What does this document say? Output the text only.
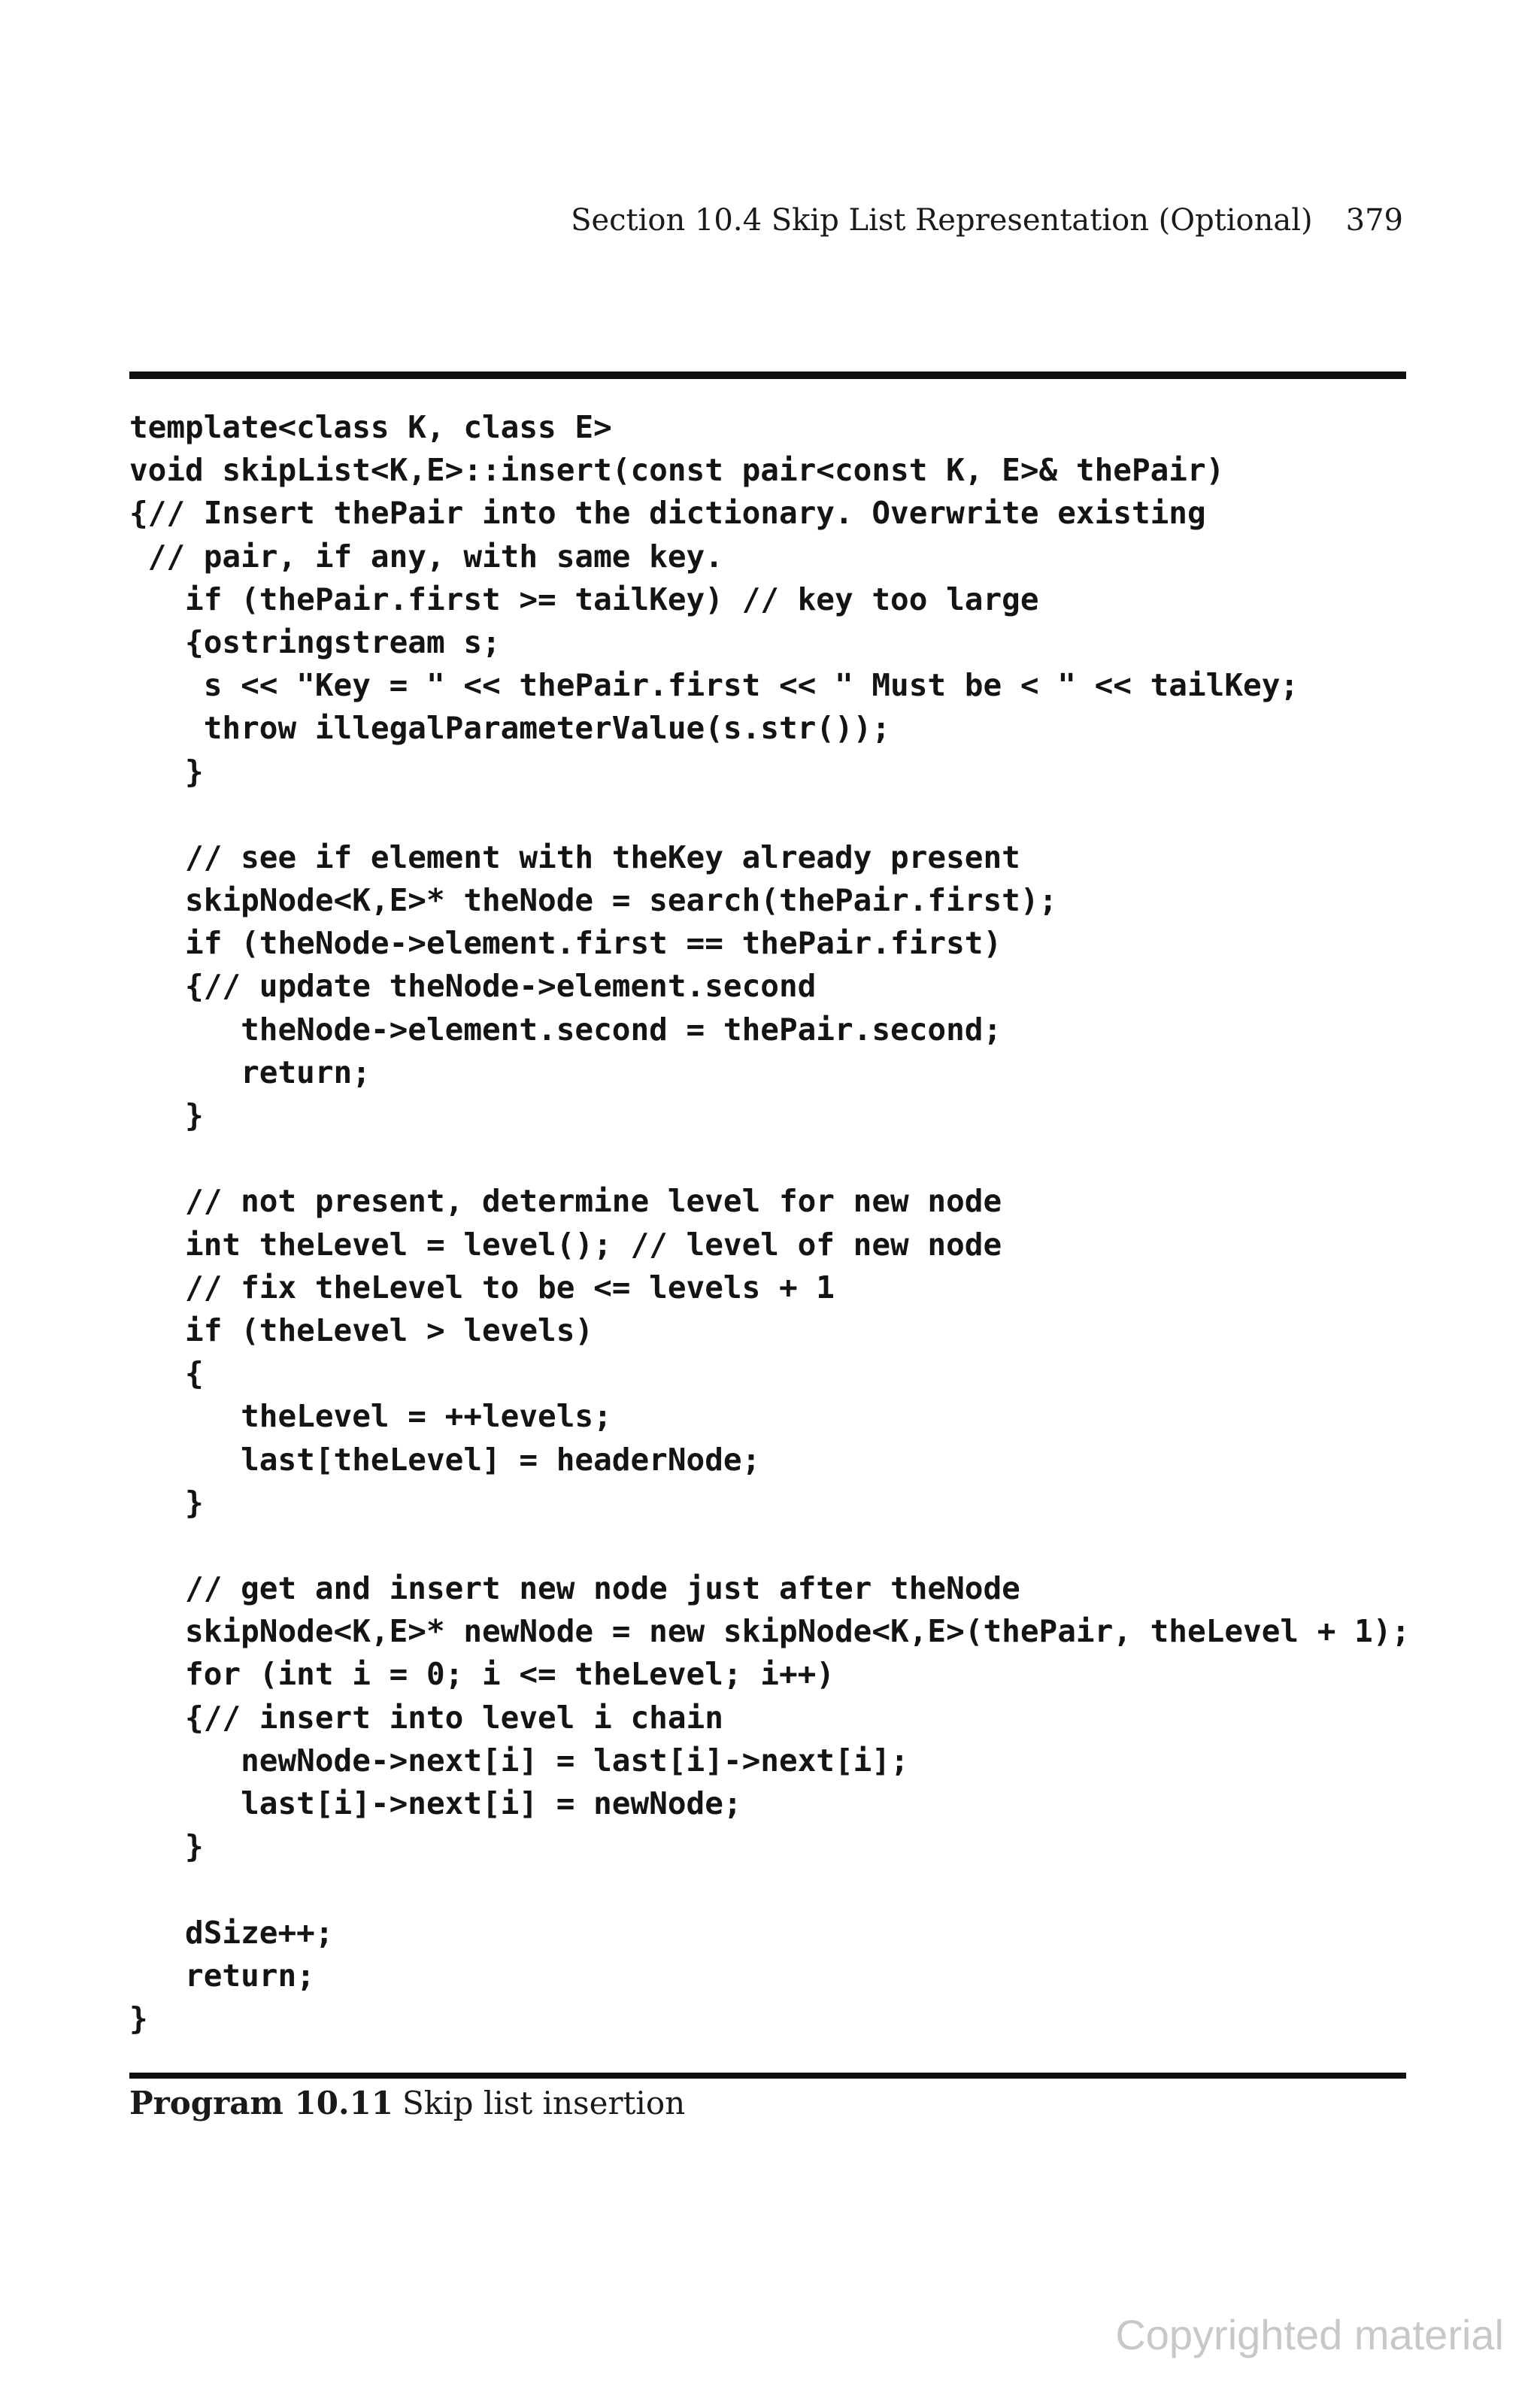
Section 10.4 Skip List Representation (Optional) 379
template<class K, class E>
void skipList<K,E>::insert(const pair<const K, E>& thePair)
{// Insert thePair into the dictionary. Overwrite existing
// pair, if any, with same key.
if (thePair.first >= tailKey) // key too large
{ostringstream s;
s << "Key = " << thePair.first << " Must be < " << tailKey;
throw illegalParameterValue(s.str());
}
// see if element with theKey already present
skipNode<K,E>* theNode = search(thePair.first);
if (theNode->element.first == thePair.first)
{// update theNode->element.second
theNode->element.second = thePair.second;
return;
}
// not present, determine level for new node
int theLevel = level(); // level of new node
// fix theLevel to be <= levels + 1
if (theLevel > levels)
{
theLevel = ++levels;
last[theLevel] = headerNode;
}
// get and insert new node just after theNode
skipNode<K,E>* newNode = new skipNode<K,E>(thePair, theLevel + 1);
for (int i = 0; i <= theLevel; i++)
{// insert into level i chain
newNode->next[i] = last[i]->next[i];
last[i]->next[i] = newNode;
}
dSize++;
return;
}
Program 10.11 Skip list insertion
Copyrighted material
